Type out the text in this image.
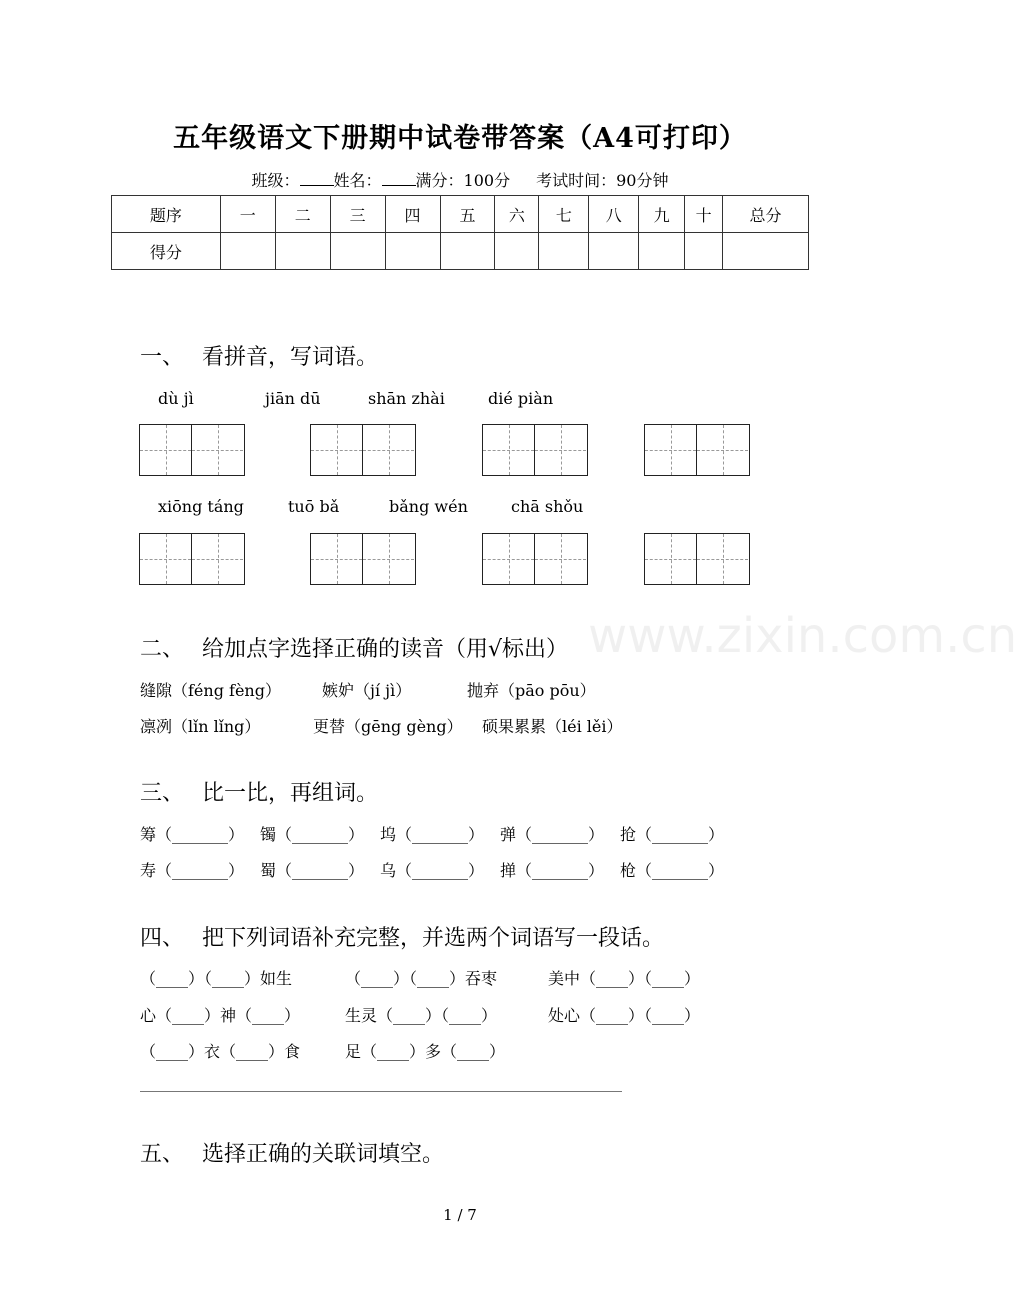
五年级语文下册期中试卷带答案（A4可打印）
班级： 姓名： 满分：100分 考试时间：90分钟
题序	一	二	三	四	五	六	七	八	九	十	总分
得分											
www.zixin.com.cn
一、 看拼音，写词语。
dù jì	jiān dū	shān zhài	dié piàn
xiōng táng	tuō bǎ	bǎng wén	chā shǒu
二、 给加点字选择正确的读音（用√标出）
缝隙（féng fèng）	嫉妒（jí jì）	抛弃（pāo pōu）
凛冽（lǐn lǐng）	更替（gēng gèng） 硕果累累（léi lěi）
三、 比一比，再组词。
筹（_______） 镯（_______） 坞（_______） 弹（_______） 抢（_______）
寿（_______） 蜀（_______） 乌（_______） 掸（_______） 枪（_______）
四、 把下列词语补充完整，并选两个词语写一段话。
（____）（____）如生	（____）（____）吞枣	美中（____）（____）
心（____）神（____）	生灵（____）（____）	处心（____）（____）
（____）衣（____）食	足（____）多（____）
五、 选择正确的关联词填空。
1 / 7
